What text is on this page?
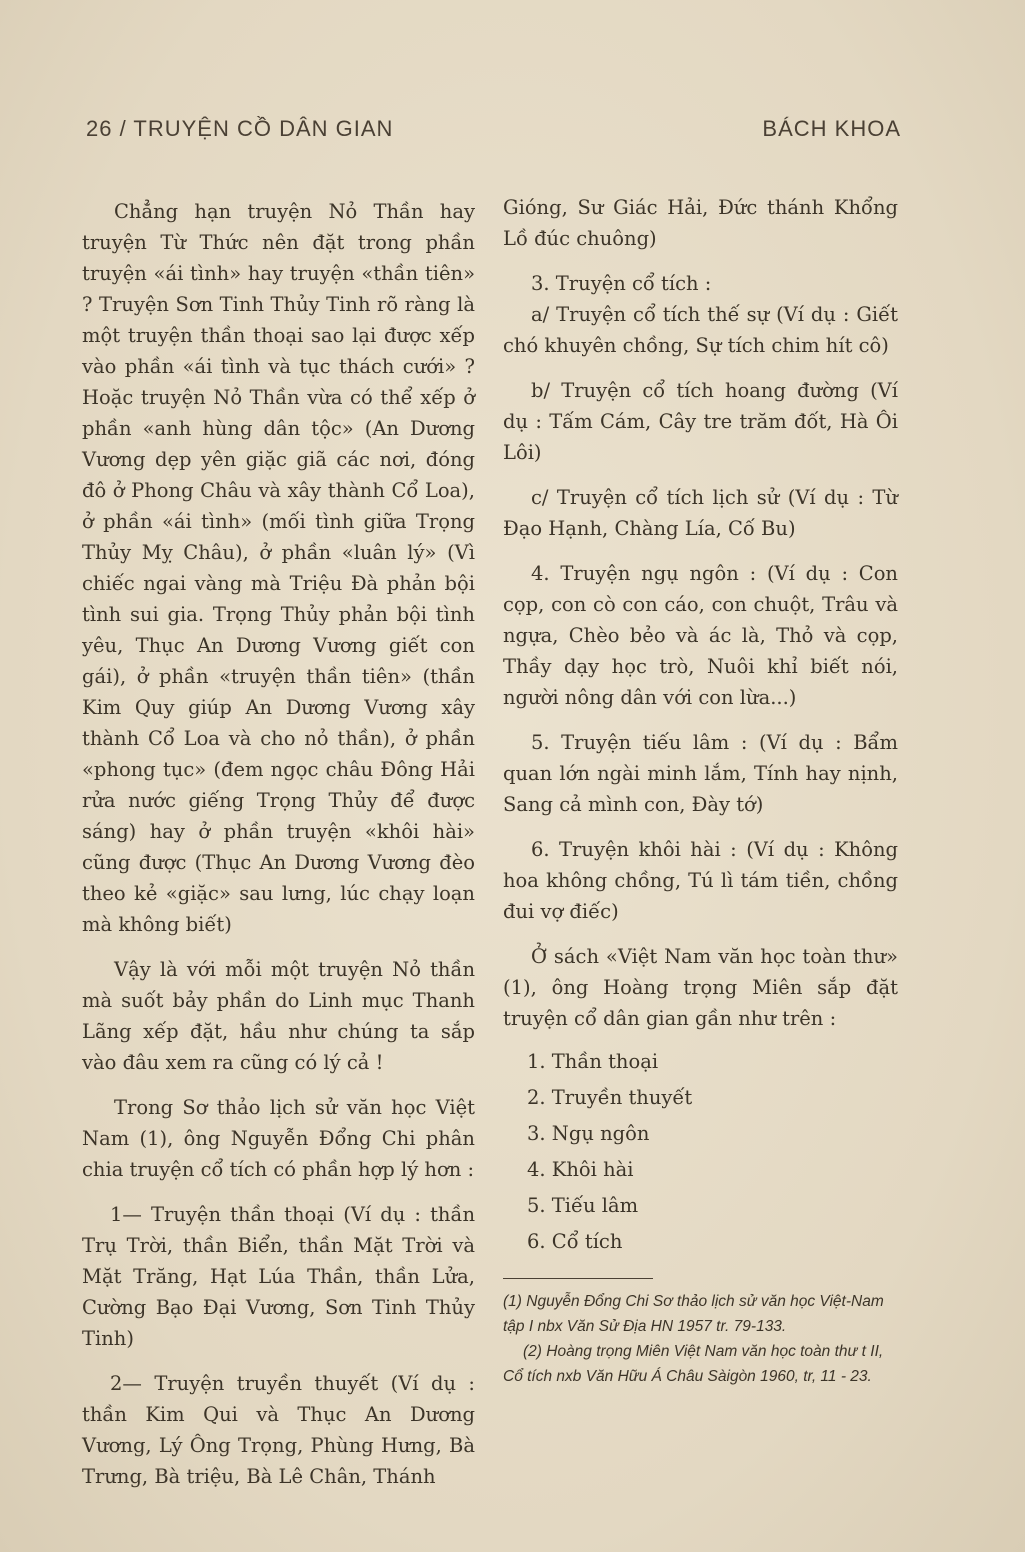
26 / TRUYỆN CỒ DÂN GIAN	BÁCH KHOA

Chẳng hạn truyện Nỏ Thần hay truyện Từ Thức nên đặt trong phần truyện «ái tình» hay truyện «thần tiên» ? Truyện Sơn Tinh Thủy Tinh rõ ràng là một truyện thần thoại sao lại được xếp vào phần «ái tình và tục thách cưới» ? Hoặc truyện Nỏ Thần vừa có thể xếp ở phần «anh hùng dân tộc» (An Dương Vương dẹp yên giặc giã các nơi, đóng đô ở Phong Châu và xây thành Cổ Loa), ở phần «ái tình» (mối tình giữa Trọng Thủy Mỵ Châu), ở phần «luân lý» (Vì chiếc ngai vàng mà Triệu Đà phản bội tình sui gia. Trọng Thủy phản bội tình yêu, Thục An Dương Vương giết con gái), ở phần «truyện thần tiên» (thần Kim Quy giúp An Dương Vương xây thành Cổ Loa và cho nỏ thần), ở phần «phong tục» (đem ngọc châu Đông Hải rửa nước giếng Trọng Thủy để được sáng) hay ở phần truyện «khôi hài» cũng được (Thục An Dương Vương đèo theo kẻ «giặc» sau lưng, lúc chạy loạn mà không biết)

Vậy là với mỗi một truyện Nỏ thần mà suốt bảy phần do Linh mục Thanh Lãng xếp đặt, hầu như chúng ta sắp vào đâu xem ra cũng có lý cả !

Trong Sơ thảo lịch sử văn học Việt Nam (1), ông Nguyễn Đổng Chi phân chia truyện cổ tích có phần hợp lý hơn :

1— Truyện thần thoại (Ví dụ : thần Trụ Trời, thần Biển, thần Mặt Trời và Mặt Trăng, Hạt Lúa Thần, thần Lửa, Cường Bạo Đại Vương, Sơn Tinh Thủy Tinh)

2— Truyện truyền thuyết (Ví dụ : thần Kim Qui và Thục An Dương Vương, Lý Ông Trọng, Phùng Hưng, Bà Trưng, Bà triệu, Bà Lê Chân, Thánh

Gióng, Sư Giác Hải, Đức thánh Khổng Lồ đúc chuông)

3. Truyện cổ tích :

a/ Truyện cổ tích thế sự (Ví dụ : Giết chó khuyên chồng, Sự tích chim hít cô)

b/ Truyện cổ tích hoang đường (Ví dụ : Tấm Cám, Cây tre trăm đốt, Hà Ôi Lôi)

c/ Truyện cổ tích lịch sử (Ví dụ : Từ Đạo Hạnh, Chàng Lía, Cố Bu)

4. Truyện ngụ ngôn : (Ví dụ : Con cọp, con cò con cáo, con chuột, Trâu và ngựa, Chèo bẻo và ác là, Thỏ và cọp, Thầy dạy học trò, Nuôi khỉ biết nói, người nông dân với con lừa...)

5. Truyện tiếu lâm : (Ví dụ : Bẩm quan lớn ngài minh lắm, Tính hay nịnh, Sang cả mình con, Đày tớ)

6. Truyện khôi hài : (Ví dụ : Không hoa không chồng, Tú lì tám tiền, chồng đui vợ điếc)

Ở sách «Việt Nam văn học toàn thư» (1), ông Hoàng trọng Miên sắp đặt truyện cổ dân gian gần như trên :

1. Thần thoại
2. Truyền thuyết
3. Ngụ ngôn
4. Khôi hài
5. Tiếu lâm
6. Cổ tích

(1) Nguyễn Đổng Chi Sơ thảo lịch sử văn học Việt-Nam tập I nbx Văn Sử Địa HN 1957 tr. 79-133.

(2) Hoàng trọng Miên Việt Nam văn học toàn thư t II, Cổ tích nxb Văn Hữu Á Châu Sàigòn 1960, tr, 11 - 23.
